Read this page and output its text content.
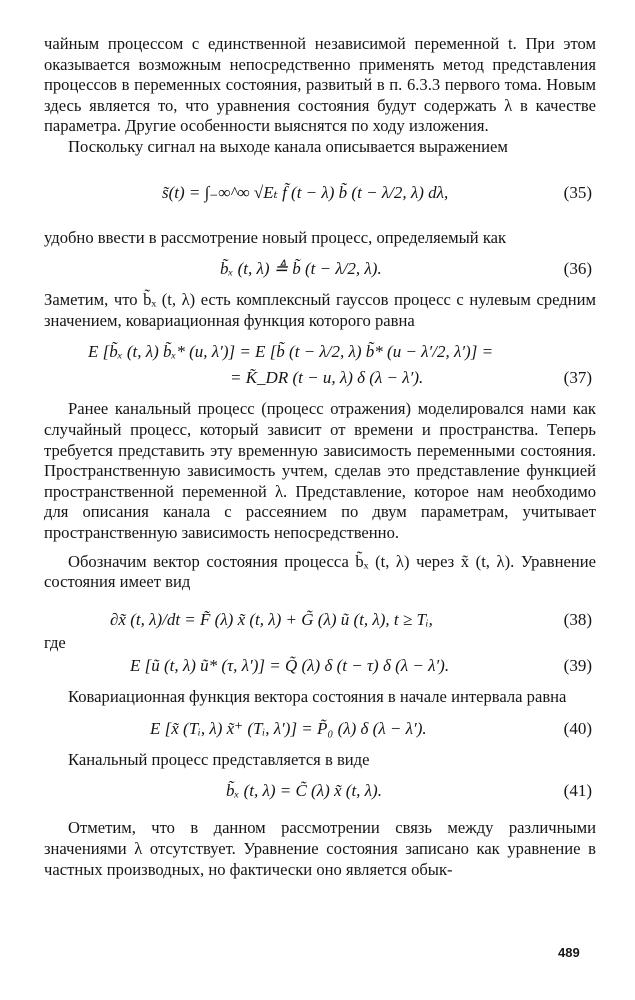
чайным процессом с единственной независимой переменной t. При этом оказывается возможным непосредственно применять метод представления процессов в переменных состояния, развитый в п. 6.3.3 первого тома. Новым здесь является то, что уравнения состояния будут содержать λ в качестве параметра. Другие особенности выяснятся по ходу изложения.

Поскольку сигнал на выходе канала описывается выражением

s̃(t) = ∫₋∞^∞ √Eₜ f̃ (t − λ) b̃ (t − λ/2, λ) dλ,	(35)

удобно ввести в рассмотрение новый процесс, определяемый как

b̃ₓ (t, λ) ≜ b̃ (t − λ/2, λ).	(36)

Заметим, что b̃ₓ (t, λ) есть комплексный гауссов процесс с нулевым средним значением, ковариационная функция которого равна

E [b̃ₓ (t, λ) b̃ₓ* (u, λ′)] = E [b̃ (t − λ/2, λ) b̃* (u − λ′/2, λ′)] =
= K̃_DR (t − u, λ) δ (λ − λ′).	(37)

Ранее канальный процесс (процесс отражения) моделировался нами как случайный процесс, который зависит от времени и пространства. Теперь требуется представить эту временную зависимость переменными состояния. Пространственную зависимость учтем, сделав это представление функцией пространственной переменной λ. Представление, которое нам необходимо для описания канала с рассеянием по двум параметрам, учитывает пространственную зависимость непосредственно.

Обозначим вектор состояния процесса b̃ₓ (t, λ) через x̃ (t, λ). Уравнение состояния имеет вид

∂x̃ (t, λ)/dt = F̃ (λ) x̃ (t, λ) + G̃ (λ) ũ (t, λ), t ≥ Tᵢ,	(38)

где

E [ũ (t, λ) ũ* (τ, λ′)] = Q̃ (λ) δ (t − τ) δ (λ − λ′).	(39)

Ковариационная функция вектора состояния в начале интервала равна

E [x̃ (Tᵢ, λ) x̃⁺ (Tᵢ, λ′)] = P̃₀ (λ) δ (λ − λ′).	(40)

Канальный процесс представляется в виде

b̃ₓ (t, λ) = C̃ (λ) x̃ (t, λ).	(41)

Отметим, что в данном рассмотрении связь между различными значениями λ отсутствует. Уравнение состояния записано как уравнение в частных производных, но фактически оно является обык-

489
